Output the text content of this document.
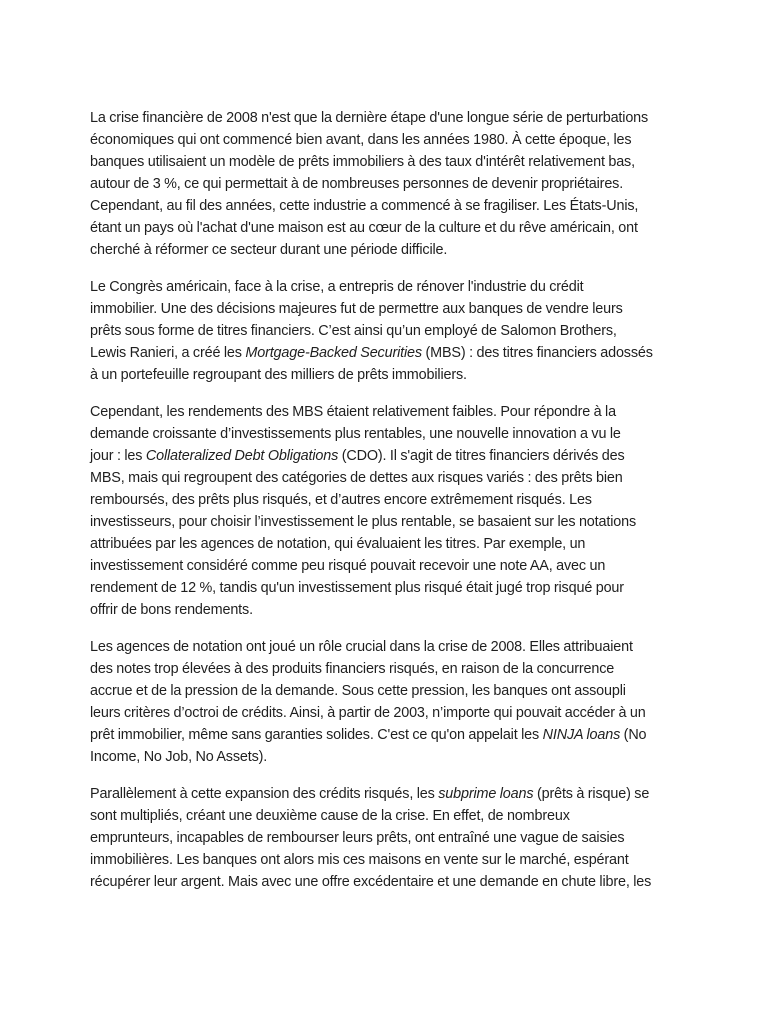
La crise financière de 2008 n'est que la dernière étape d'une longue série de perturbations
économiques qui ont commencé bien avant, dans les années 1980. À cette époque, les
banques utilisaient un modèle de prêts immobiliers à des taux d'intérêt relativement bas,
autour de 3 %, ce qui permettait à de nombreuses personnes de devenir propriétaires.
Cependant, au fil des années, cette industrie a commencé à se fragiliser. Les États-Unis,
étant un pays où l'achat d'une maison est au cœur de la culture et du rêve américain, ont
cherché à réformer ce secteur durant une période difficile.

Le Congrès américain, face à la crise, a entrepris de rénover l'industrie du crédit
immobilier. Une des décisions majeures fut de permettre aux banques de vendre leurs
prêts sous forme de titres financiers. C’est ainsi qu’un employé de Salomon Brothers,
Lewis Ranieri, a créé les Mortgage-Backed Securities (MBS) : des titres financiers adossés
à un portefeuille regroupant des milliers de prêts immobiliers.

Cependant, les rendements des MBS étaient relativement faibles. Pour répondre à la
demande croissante d’investissements plus rentables, une nouvelle innovation a vu le
jour : les Collateralized Debt Obligations (CDO). Il s'agit de titres financiers dérivés des
MBS, mais qui regroupent des catégories de dettes aux risques variés : des prêts bien
remboursés, des prêts plus risqués, et d’autres encore extrêmement risqués. Les
investisseurs, pour choisir l’investissement le plus rentable, se basaient sur les notations
attribuées par les agences de notation, qui évaluaient les titres. Par exemple, un
investissement considéré comme peu risqué pouvait recevoir une note AA, avec un
rendement de 12 %, tandis qu'un investissement plus risqué était jugé trop risqué pour
offrir de bons rendements.

Les agences de notation ont joué un rôle crucial dans la crise de 2008. Elles attribuaient
des notes trop élevées à des produits financiers risqués, en raison de la concurrence
accrue et de la pression de la demande. Sous cette pression, les banques ont assoupli
leurs critères d’octroi de crédits. Ainsi, à partir de 2003, n’importe qui pouvait accéder à un
prêt immobilier, même sans garanties solides. C'est ce qu'on appelait les NINJA loans (No
Income, No Job, No Assets).

Parallèlement à cette expansion des crédits risqués, les subprime loans (prêts à risque) se
sont multipliés, créant une deuxième cause de la crise. En effet, de nombreux
emprunteurs, incapables de rembourser leurs prêts, ont entraîné une vague de saisies
immobilières. Les banques ont alors mis ces maisons en vente sur le marché, espérant
récupérer leur argent. Mais avec une offre excédentaire et une demande en chute libre, les
